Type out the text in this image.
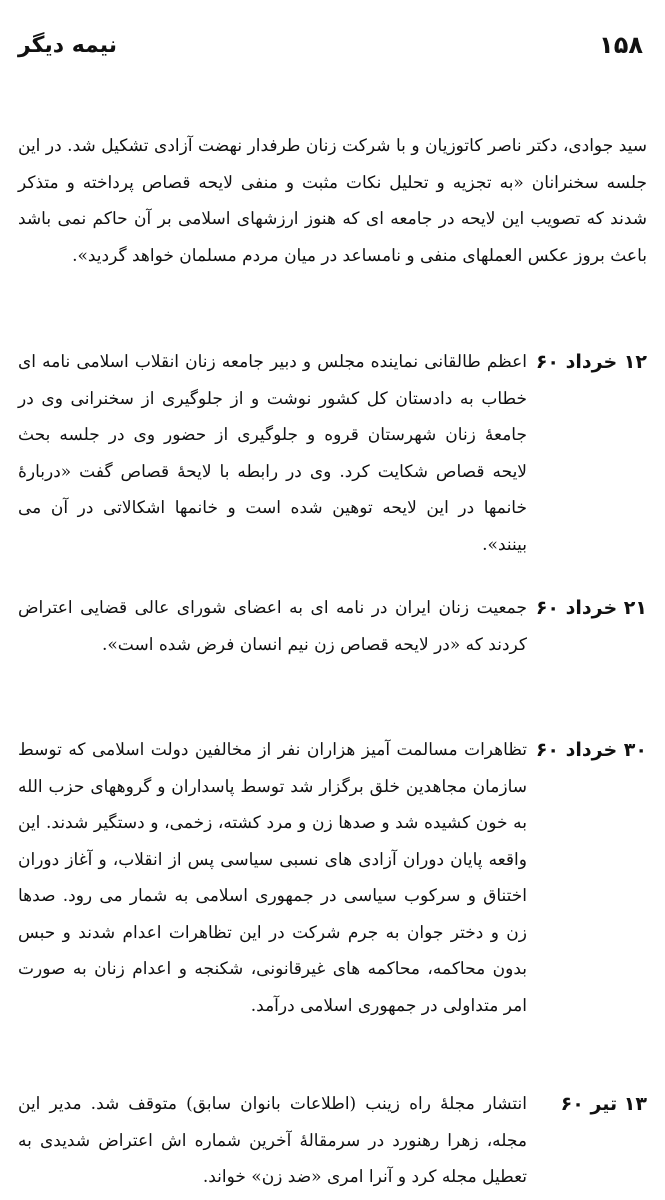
۱۵۸
نیمه دیگر

سید جوادی، دکتر ناصر کاتوزیان و با شرکت زنان طرفدار نهضت آزادی تشکیل شد. در این جلسه سخنرانان «به تجزیه و تحلیل نکات مثبت و منفی لایحه قصاص پرداخته و متذکر شدند که تصویب این لایحه در جامعه ای که هنوز ارزشهای اسلامی بر آن حاکم نمی باشد باعث بروز عکس العملهای منفی و نامساعد در میان مردم مسلمان خواهد گردید».

۱۲ خرداد ۶۰

اعظم طالقانی نماینده مجلس و دبیر جامعه زنان انقلاب اسلامی نامه ای خطاب به دادستان کل کشور نوشت و از جلوگیری از سخنرانی وی در جامعهٔ زنان شهرستان قروه و جلوگیری از حضور وی در جلسه بحث لایحه قصاص شکایت کرد. وی در رابطه با لایحهٔ قصاص گفت «دربارهٔ خانمها در این لایحه توهین شده است و خانمها اشکالاتی در آن می بینند».

۲۱ خرداد ۶۰

جمعیت زنان ایران در نامه ای به اعضای شورای عالی قضایی اعتراض کردند که «در لایحه قصاص زن نیم انسان فرض شده است».

۳۰ خرداد ۶۰

تظاهرات مسالمت آمیز هزاران نفر از مخالفین دولت اسلامی که توسط سازمان مجاهدین خلق برگزار شد توسط پاسداران و گروههای حزب الله به خون کشیده شد و صدها زن و مرد کشته، زخمی، و دستگیر شدند. این واقعه پایان دوران آزادی های نسبی سیاسی پس از انقلاب، و آغاز دوران اختناق و سرکوب سیاسی در جمهوری اسلامی به شمار می رود. صدها زن و دختر جوان به جرم شرکت در این تظاهرات اعدام شدند و حبس بدون محاکمه، محاکمه های غیرقانونی، شکنجه و اعدام زنان به صورت امر متداولی در جمهوری اسلامی درآمد.

۱۳ تیر ۶۰

انتشار مجلهٔ راه زینب (اطلاعات بانوان سابق) متوقف شد. مدیر این مجله، زهرا رهنورد در سرمقالهٔ آخرین شماره اش اعتراض شدیدی به تعطیل مجله کرد و آنرا امری «ضد زن» خواند.
